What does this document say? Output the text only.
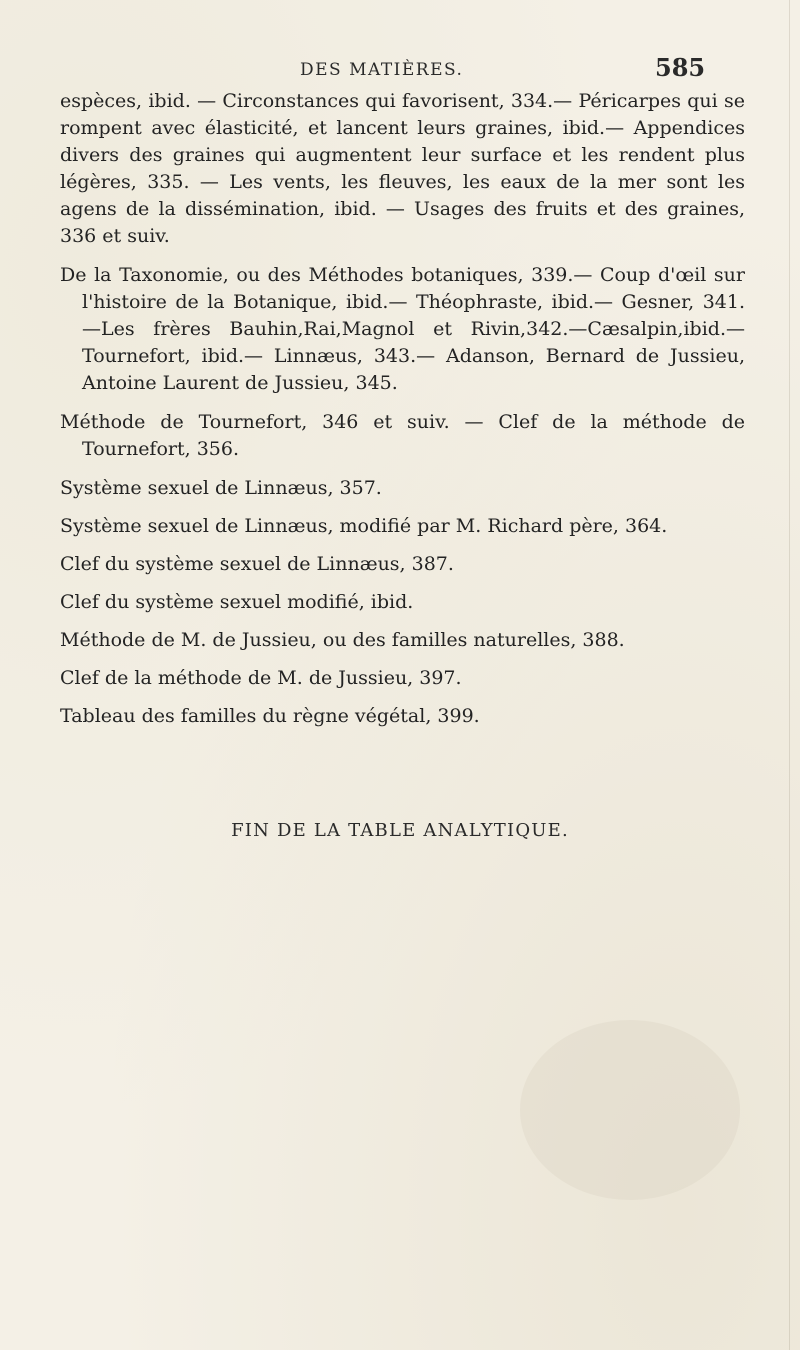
DES MATIÈRES.	585

espèces, ibid. — Circonstances qui favorisent, 334.— Péricarpes qui se rompent avec élasticité, et lancent leurs graines, ibid.— Appendices divers des graines qui augmentent leur surface et les rendent plus légères, 335. — Les vents, les fleuves, les eaux de la mer sont les agens de la dissémination, ibid. — Usages des fruits et des graines, 336 et suiv.

De la Taxonomie, ou des Méthodes botaniques, 339.— Coup d'œil sur l'histoire de la Botanique, ibid.— Théophraste, ibid.— Gesner, 341. —Les frères Bauhin,Rai,Magnol et Rivin,342.—Cæsalpin,ibid.— Tournefort, ibid.— Linnæus, 343.— Adanson, Bernard de Jussieu, Antoine Laurent de Jussieu, 345.

Méthode de Tournefort, 346 et suiv. — Clef de la méthode de Tournefort, 356.

Système sexuel de Linnæus, 357.

Système sexuel de Linnæus, modifié par M. Richard père, 364.

Clef du système sexuel de Linnæus, 387.

Clef du système sexuel modifié, ibid.

Méthode de M. de Jussieu, ou des familles naturelles, 388.

Clef de la méthode de M. de Jussieu, 397.

Tableau des familles du règne végétal, 399.

FIN DE LA TABLE ANALYTIQUE.
